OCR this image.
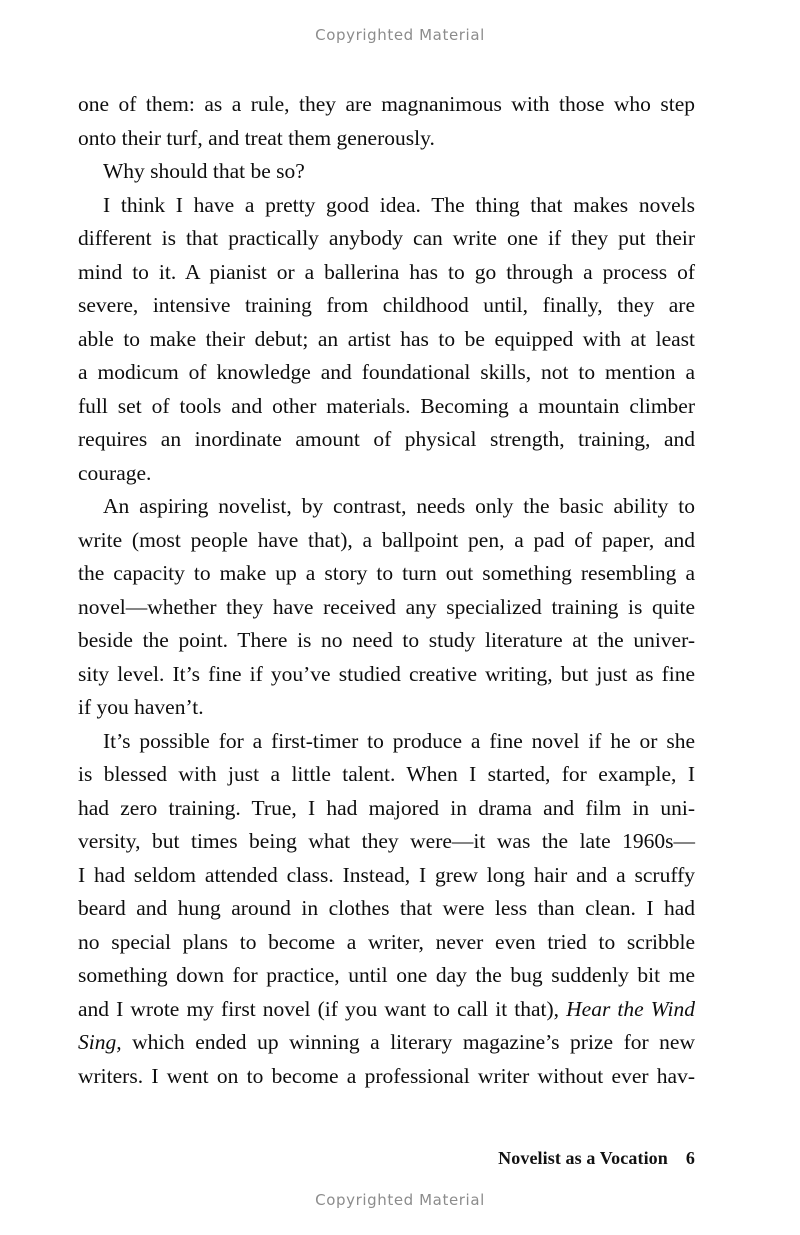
Copyrighted Material

one of them: as a rule, they are magnanimous with those who step
onto their turf, and treat them generously.

Why should that be so?

I think I have a pretty good idea. The thing that makes novels
different is that practically anybody can write one if they put their
mind to it. A pianist or a ballerina has to go through a process of
severe, intensive training from childhood until, finally, they are
able to make their debut; an artist has to be equipped with at least
a modicum of knowledge and foundational skills, not to mention a
full set of tools and other materials. Becoming a mountain climber
requires an inordinate amount of physical strength, training, and
courage.

An aspiring novelist, by contrast, needs only the basic ability to
write (most people have that), a ballpoint pen, a pad of paper, and
the capacity to make up a story to turn out something resembling a
novel—whether they have received any specialized training is quite
beside the point. There is no need to study literature at the univer-
sity level. It’s fine if you’ve studied creative writing, but just as fine
if you haven’t.

It’s possible for a first-timer to produce a fine novel if he or she
is blessed with just a little talent. When I started, for example, I
had zero training. True, I had majored in drama and film in uni-
versity, but times being what they were—it was the late 1960s—
I had seldom attended class. Instead, I grew long hair and a scruffy
beard and hung around in clothes that were less than clean. I had
no special plans to become a writer, never even tried to scribble
something down for practice, until one day the bug suddenly bit me
and I wrote my first novel (if you want to call it that), Hear the Wind
Sing, which ended up winning a literary magazine’s prize for new
writers. I went on to become a professional writer without ever hav-

Novelist as a Vocation 6
Copyrighted Material
